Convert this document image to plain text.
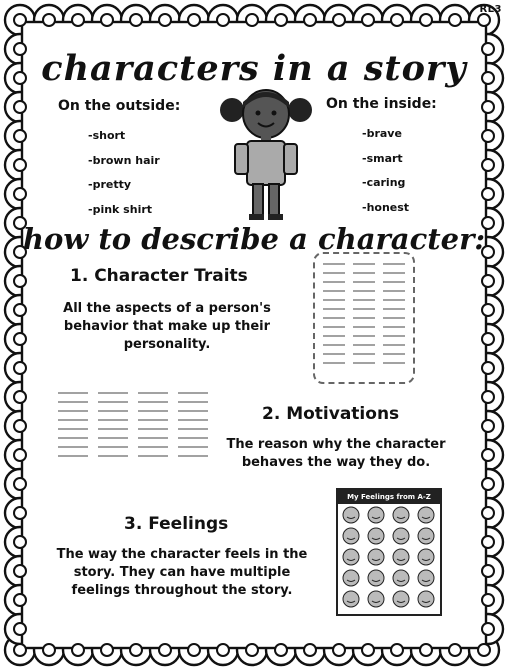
RL3
characters in a story
On the outside:
-short
-brown hair
-pretty
-pink shirt
On the inside:
-brave
-smart
-caring
-honest
how to describe a character:
1. Character Traits
All the aspects of a person's
behavior that make up their
personality.
2. Motivations
The reason why the character
behaves the way they do.
My Feelings from A-Z
3. Feelings
The way the character feels in the
story. They can have multiple
feelings throughout the story.
